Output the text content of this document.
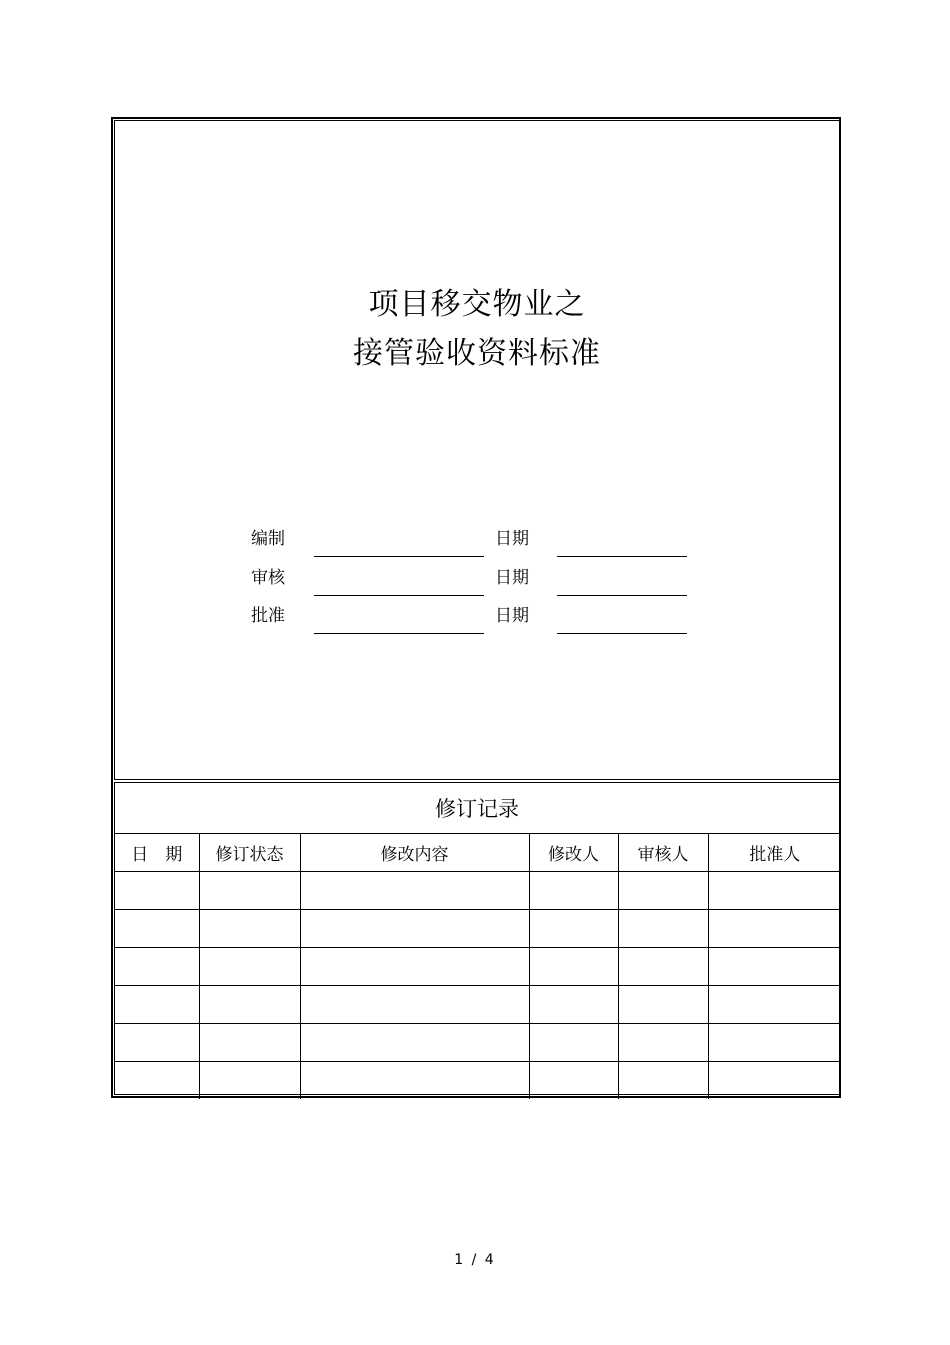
项目移交物业之
接管验收资料标准
编制	日期
审核	日期
批准	日期
修订记录
日　期	修订状态	修改内容	修改人	审核人	批准人

1 / 4
